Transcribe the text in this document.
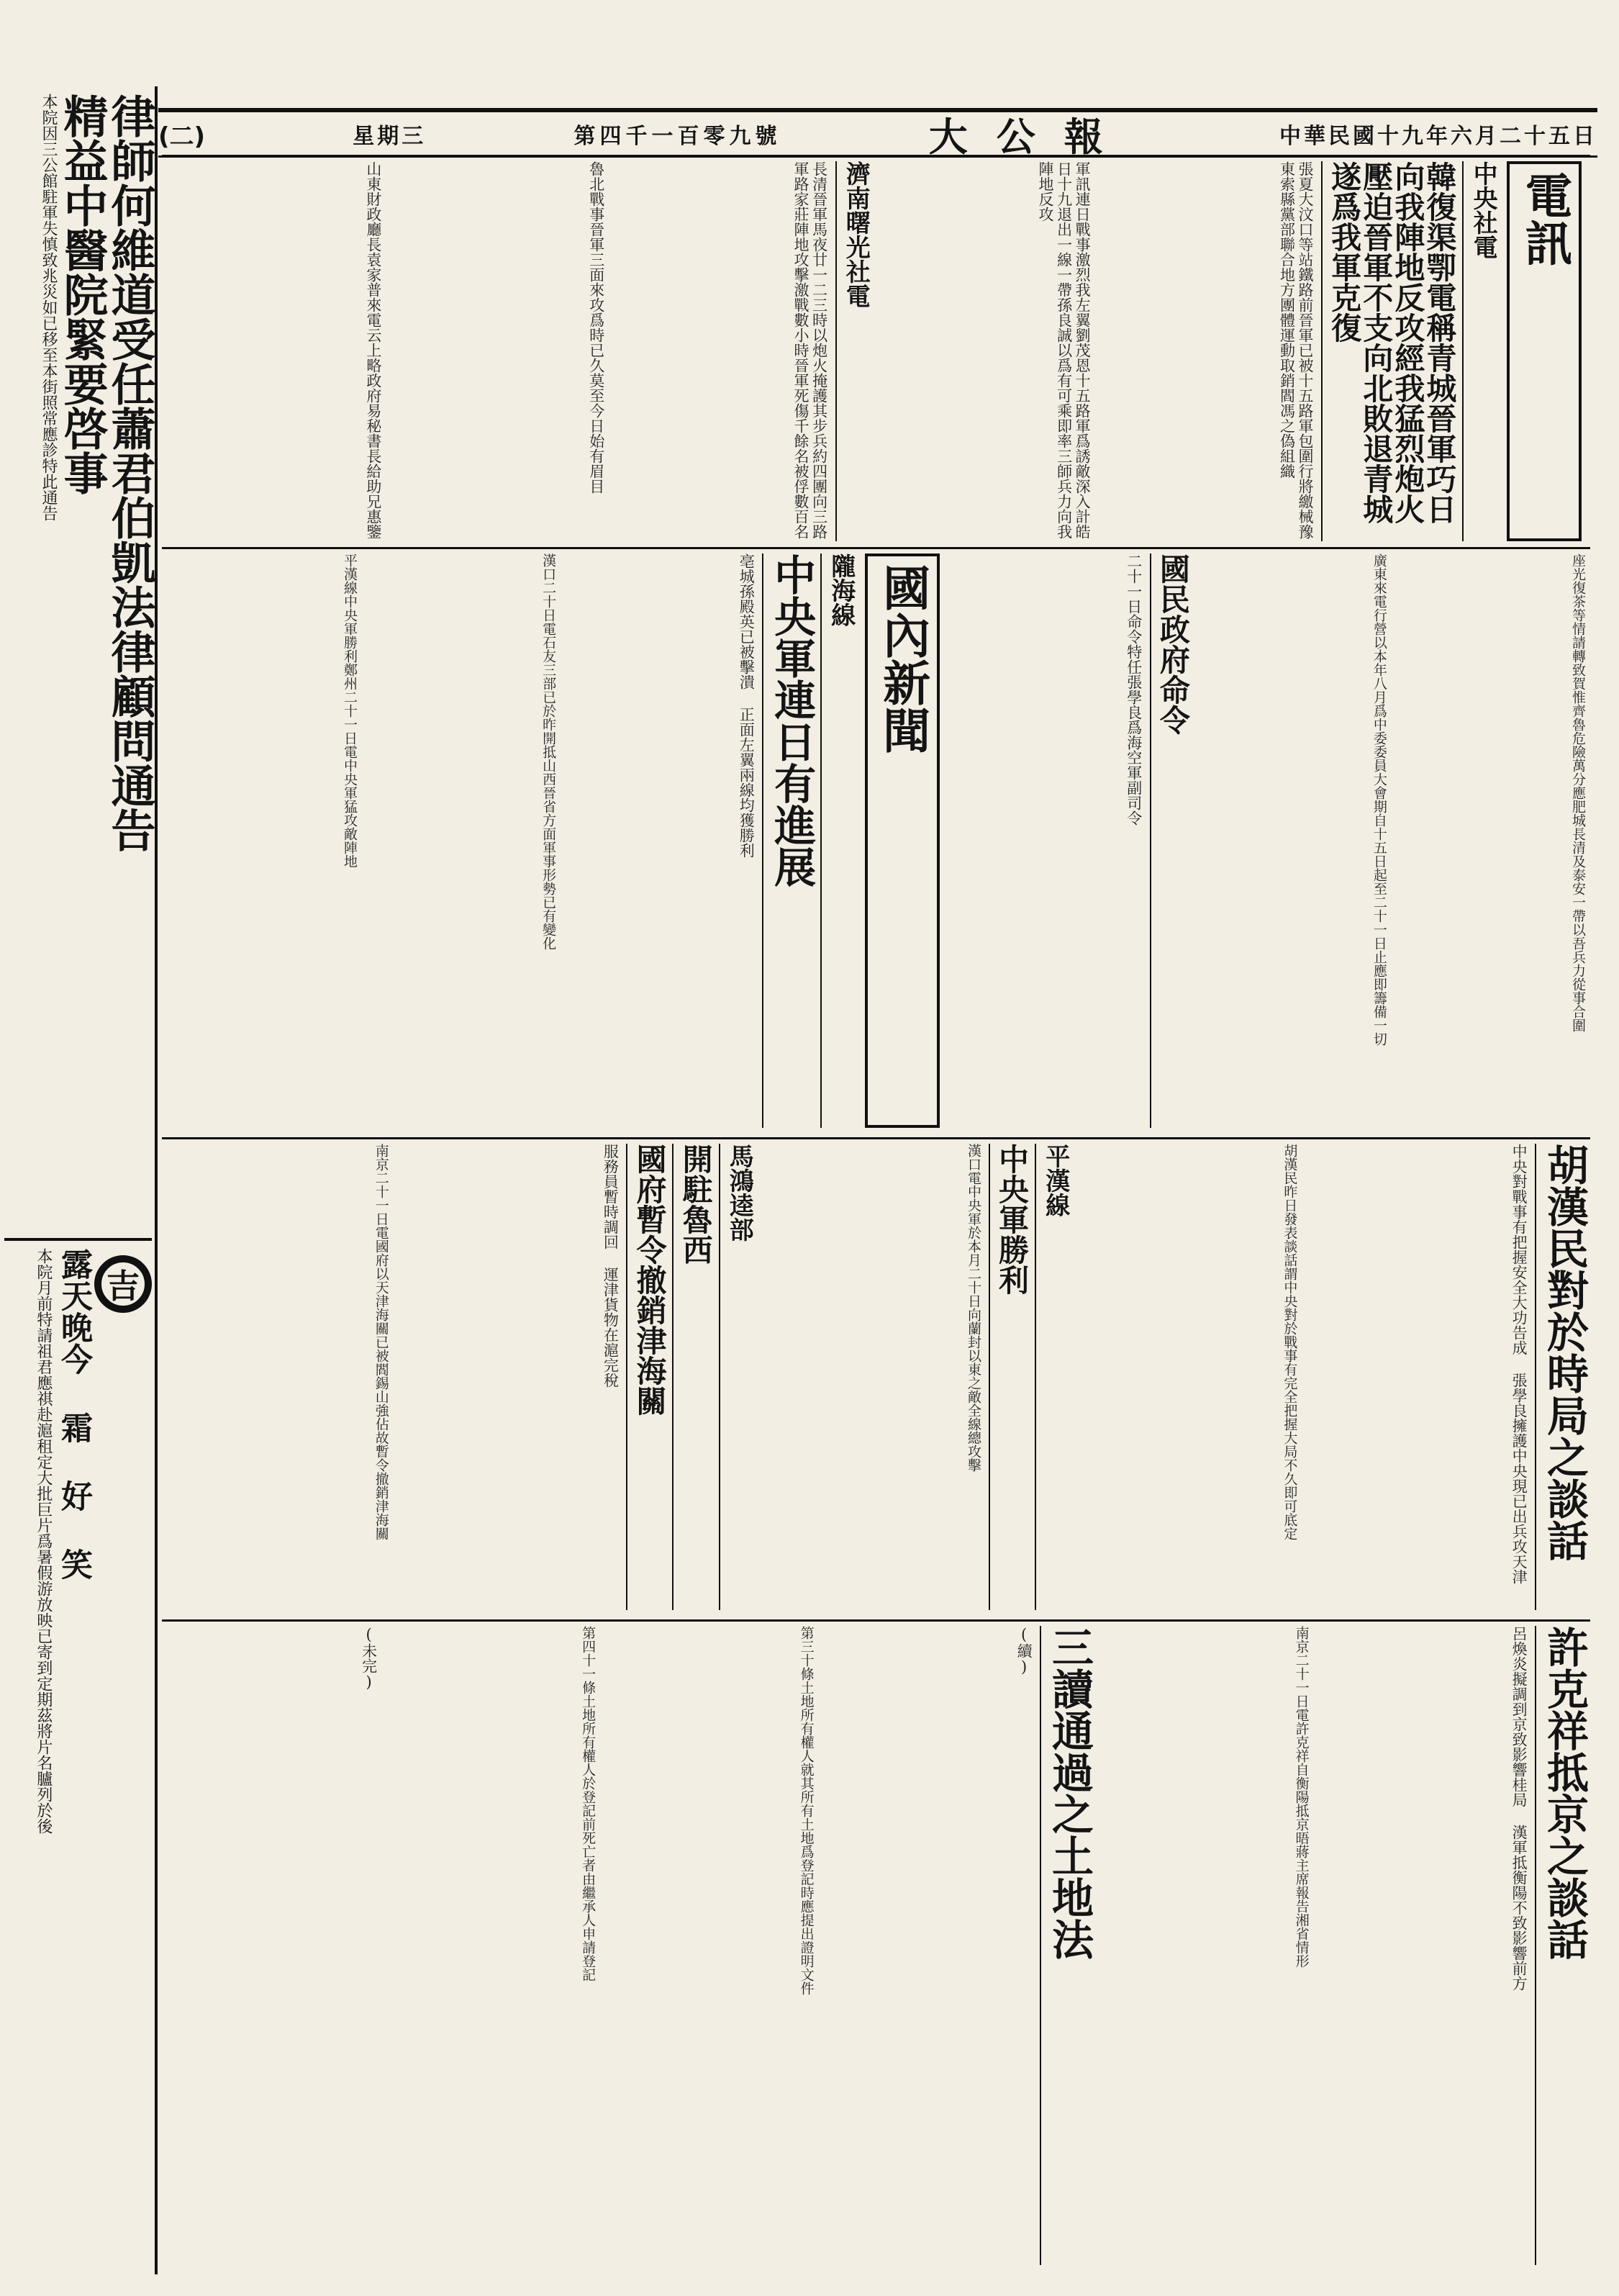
(二)	星期三	第四千一百零九號	大公報	中華民國十九年六月二十五日
律師何維道受任蕭君伯凱法律顧問通告
精益中醫院緊要啓事
本院因三公館駐軍失慎致兆災如已移至本街照常應診特此通告
吉
露天晚今 霜 好 笑
本院月前特請祖君應祺赴滬租定大批巨片爲暑假游放映已寄到定期茲將片名臚列於後
電訊
中央社電
韓復渠卾電稱青城晉軍巧日向我陣地反攻經我猛烈炮火壓迫晉軍不支向北敗退青城遂爲我軍克復
張夏大汶口等站鐵路前晉軍已被十五路軍包圍行將繳械豫東索縣黨部聯合地方團體運動取銷閻馮之偽組織
軍訊連日戰事激烈我左翼劉茂恩十五路軍爲誘敵深入計皓日十九退出一線一帶孫良誠以爲有可乘即率三師兵力向我陣地反攻
濟南曙光社電
長清晉軍馬夜廿一二三時以炮火掩護其步兵約四團向三路軍路家莊陣地攻擊激戰數小時晉軍死傷千餘名被俘數百名
魯北戰事晉軍三面來攻爲時已久莫至今日始有眉目
山東財政廳長袁家普來電云上略政府易秘書長給助兄惠鑒
座光復茶等情請轉致賀惟齊魯危險萬分應肥城長清及泰安一帶以吾兵力從事合圍
廣東來電行營以本年八月爲中委委員大會期自十五日起至二十一日止應即籌備一切
國民政府命令
二十一日命令特任張學良爲海空軍副司令
國內新聞
隴海線
中央軍連日有進展
亳城孫殿英已被擊潰 正面左翼兩線均獲勝利
漢口二十日電石友三部已於昨開抵山西晉省方面軍事形勢已有變化
平漢線中央軍勝利鄭州二十一日電中央軍猛攻敵陣地
胡漢民對於時局之談話
中央對戰事有把握安全大功告成 張學良擁護中央現已出兵攻天津
胡漢民昨日發表談話謂中央對於戰事有完全把握大局不久即可底定
平漢線
中央軍勝利
漢口電中央軍於本月二十日向蘭封以東之敵全線總攻擊
馬鴻逵部
開駐魯西
國府暫令撤銷津海關
服務員暫時調回 運津貨物在滬完稅
南京二十一日電國府以天津海關已被閻錫山強佔故暫令撤銷津海關
許克祥抵京之談話
呂煥炎擬調到京致影響桂局 漢軍抵衡陽不致影響前方
南京二十一日電許克祥自衡陽抵京晤蔣主席報告湘省情形
三讀通過之土地法
(續)
第三十條土地所有權人就其所有土地爲登記時應提出證明文件
第四十一條土地所有權人於登記前死亡者由繼承人申請登記
(未完)
